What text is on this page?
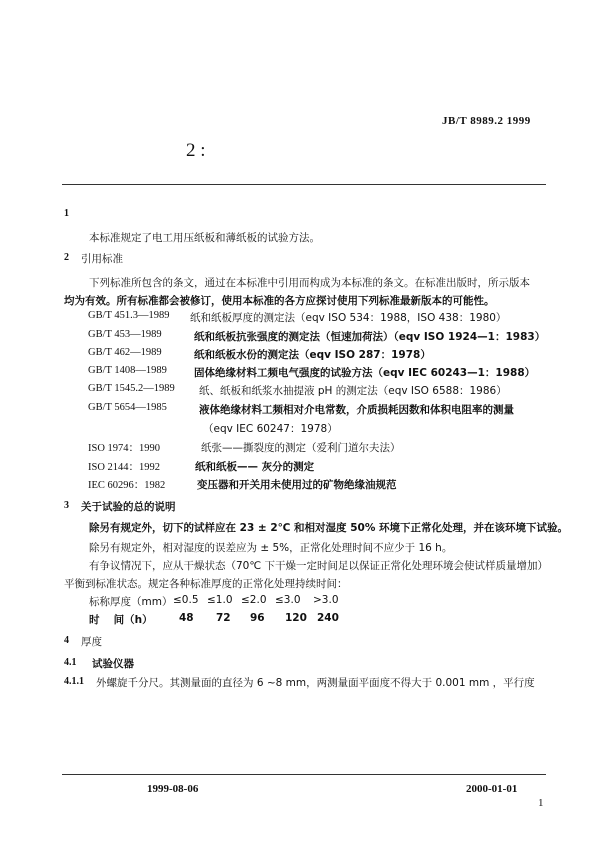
JB/T 8989.2 1999
2 :
1
本标准规定了电工用压纸板和薄纸板的试验方法。
2 引用标准
下列标准所包含的条文，通过在本标准中引用而构成为本标准的条文。在标准出版时，所示版本
均为有效。所有标准都会被修订，使用本标准的各方应探讨使用下列标准最新版本的可能性。
GB/T 451.3—1989 纸和纸板厚度的测定法（eqv ISO 534：1988，ISO 438：1980）
GB/T 453—1989	纸和纸板抗张强度的测定法（恒速加荷法）（eqv ISO 1924—1：1983）
GB/T 462—1989	纸和纸板水份的测定法（eqv ISO 287：1978）
GB/T 1408—1989	固体绝缘材料工频电气强度的试验方法（eqv IEC 60243—1：1988）
GB/T 1545.2—1989 纸、纸板和纸浆水抽提液 pH 的测定法（eqv ISO 6588：1986）
GB/T 5654—1985	液体绝缘材料工频相对介电常数，介质损耗因数和体积电阻率的测量
（eqv IEC 60247：1978）
ISO 1974：1990	纸张——撕裂度的测定（爱利门道尔夫法）
ISO 2144：1992	纸和纸板—— 灰分的测定
IEC 60296：1982	变压器和开关用未使用过的矿物绝缘油规范
3 关于试验的总的说明
除另有规定外，切下的试样应在 23 ± 2℃ 和相对湿度 50% 环境下正常化处理，并在该环境下试验。
除另有规定外，相对湿度的误差应为 ± 5%，正常化处理时间不应少于 16 h。
有争议情况下，应从干燥状态（70℃ 下干燥一定时间足以保证正常化处理环境会使试样质量增加）
平衡到标准状态。规定各种标准厚度的正常化处理持续时间：
标称厚度（mm） ≤0.5 ≤1.0 ≤2.0 ≤3.0 >3.0
时　 间（h）	48 72 96 120 240
4 厚度
4.1 试验仪器
4.1.1 外螺旋千分尺。其测量面的直径为 6 ~8 mm，两测量面平面度不得大于 0.001 mm ，平行度
1999-08-06	2000-01-01
1
